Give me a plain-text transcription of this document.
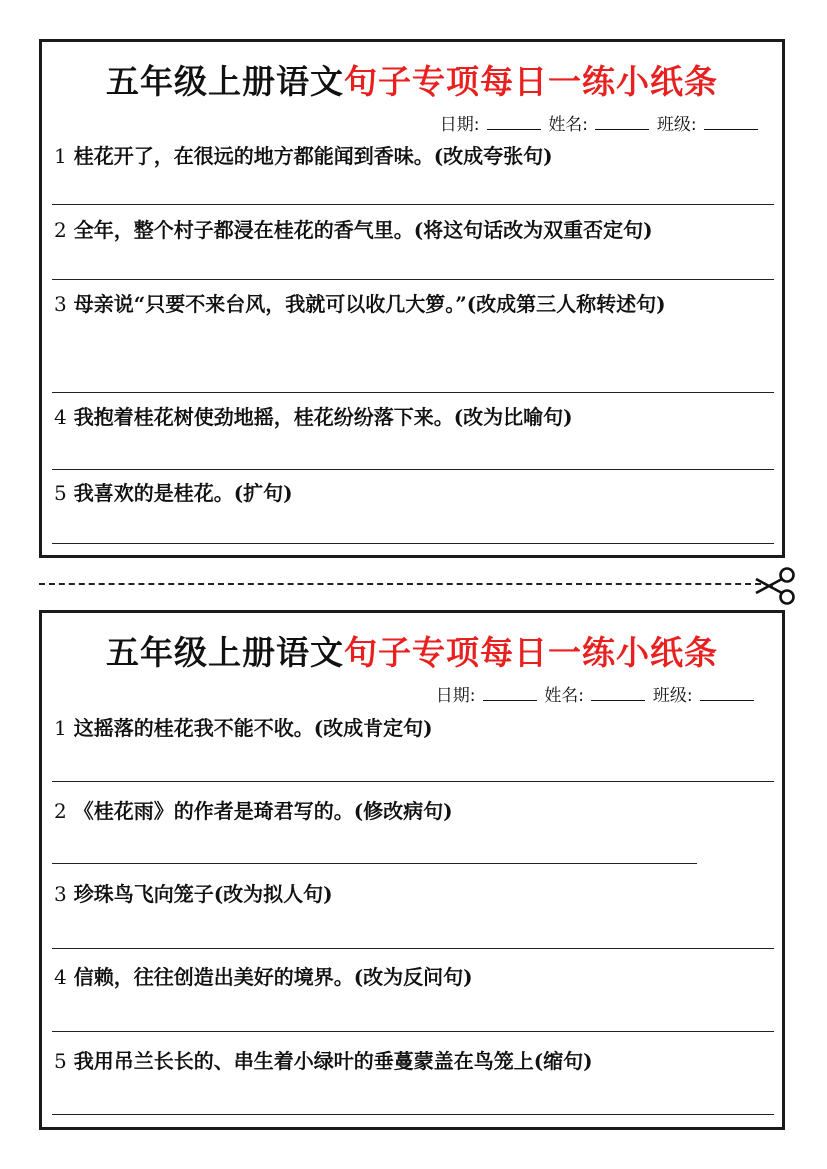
五年级上册语文句子专项每日一练小纸条
日期:	姓名:	班级:
1 桂花开了，在很远的地方都能闻到香味。(改成夸张句)
2 全年，整个村子都浸在桂花的香气里。(将这句话改为双重否定句)
3 母亲说“只要不来台风，我就可以收几大箩。”(改成第三人称转述句)
4 我抱着桂花树使劲地摇，桂花纷纷落下来。(改为比喻句)
5 我喜欢的是桂花。(扩句)
五年级上册语文句子专项每日一练小纸条
日期:	姓名:	班级:
1 这摇落的桂花我不能不收。(改成肯定句)
2 《桂花雨》的作者是琦君写的。(修改病句)
3 珍珠鸟飞向笼子(改为拟人句)
4 信赖，往往创造出美好的境界。(改为反问句)
5 我用吊兰长长的、串生着小绿叶的垂蔓蒙盖在鸟笼上(缩句)
